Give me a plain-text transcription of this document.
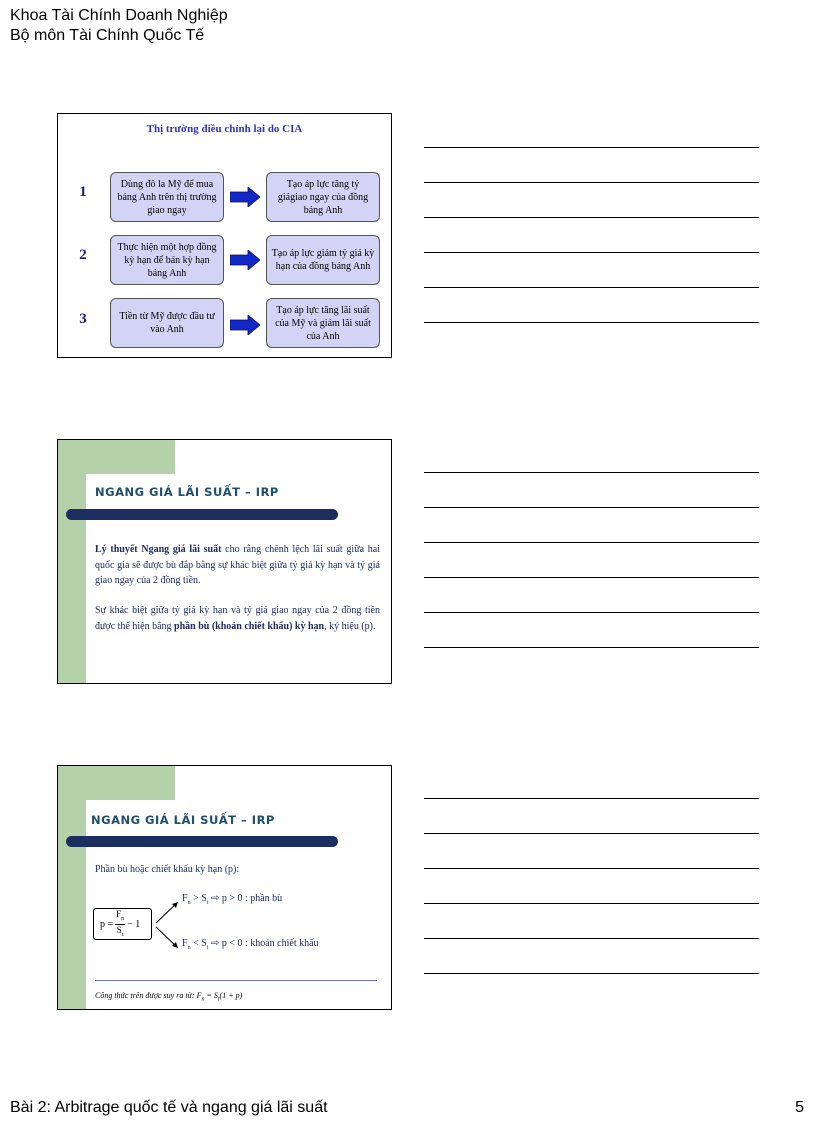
Khoa Tài Chính Doanh Nghiệp
Bộ môn Tài Chính Quốc Tế
Thị trường điều chỉnh lại do CIA
1	Dùng đô la Mỹ để mua bảng Anh trên thị trường giao ngay
Tạo áp lực tăng tỷ giágiao ngay của đồng bảng Anh
2	Thực hiện một hợp đồng kỳ hạn để bán kỳ hạn bảng Anh
Tạo áp lực giảm tỷ giá kỳ hạn của đồng bảng Anh
3	Tiền từ Mỹ được đầu tư vào Anh
Tạo áp lực tăng lãi suất của Mỹ và giảm lãi suất của Anh
NGANG GIÁ LÃI SUẤT – IRP
Lý thuyết Ngang giá lãi suất cho rằng chênh lệch lãi suất giữa hai quốc gia sẽ được bù đắp bằng sự khác biệt giữa tỷ giá kỳ hạn và tỷ giá giao ngay của 2 đồng tiền.
Sự khác biệt giữa tỷ giá kỳ hạn và tỷ giá giao ngay của 2 đồng tiền được thể hiện bằng phần bù (khoản chiết khấu) kỳ hạn, ký hiệu (p).
NGANG GIÁ LÃI SUẤT – IRP
Phần bù hoặc chiết khấu kỳ hạn (p):
$p = \frac{F_n}{S_t} - 1$
$F_n > S_t$ ⇨ p > 0 : phần bù
$F_n < S_t$ ⇨ p < 0 : khoản chiết khấu
Công thức trên được suy ra từ: $F_n = S_t(1 + p)$
Bài 2: Arbitrage quốc tế và ngang giá lãi suất	5
